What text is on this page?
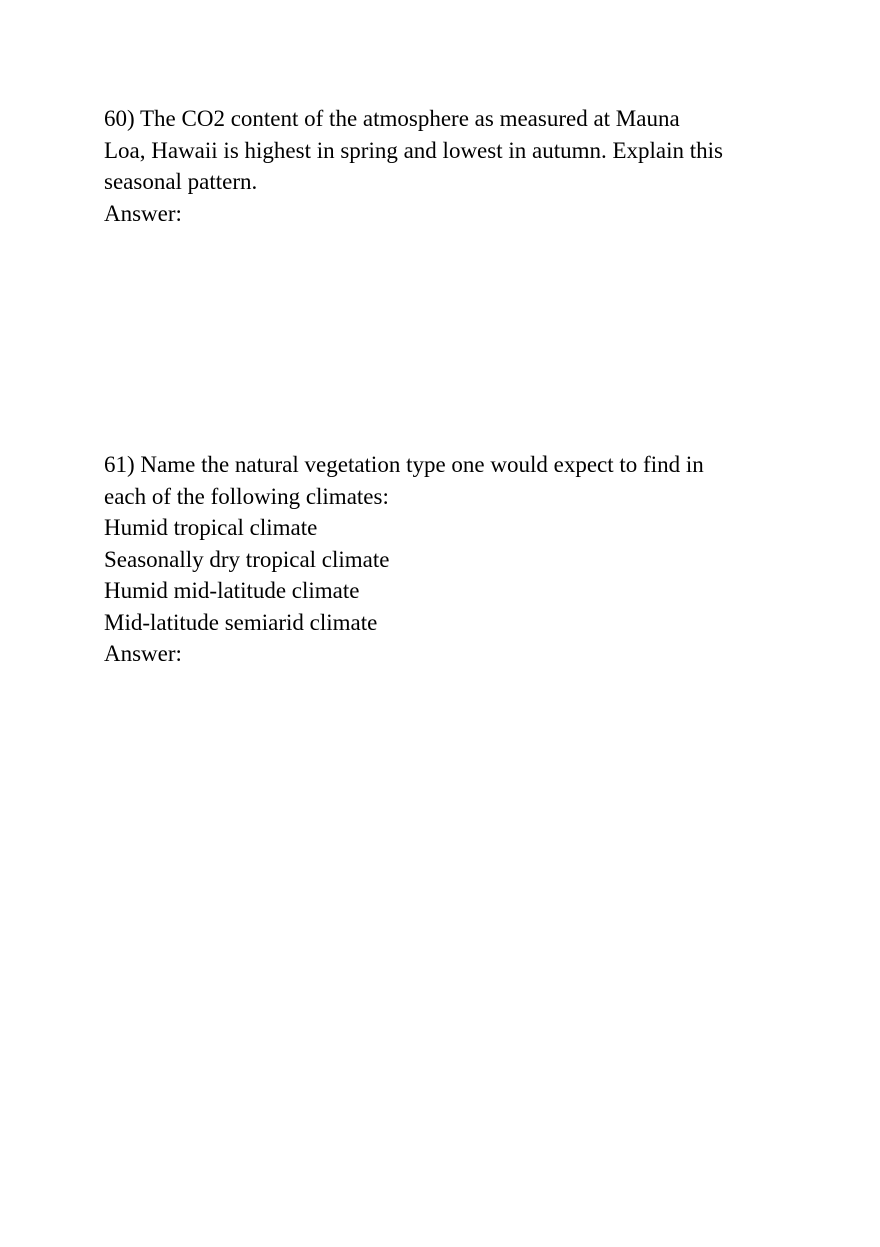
60) The CO2 content of the atmosphere as measured at Mauna
Loa, Hawaii is highest in spring and lowest in autumn. Explain this
seasonal pattern.
Answer:
61) Name the natural vegetation type one would expect to find in
each of the following climates:
Humid tropical climate
Seasonally dry tropical climate
Humid mid-latitude climate
Mid-latitude semiarid climate
Answer:
